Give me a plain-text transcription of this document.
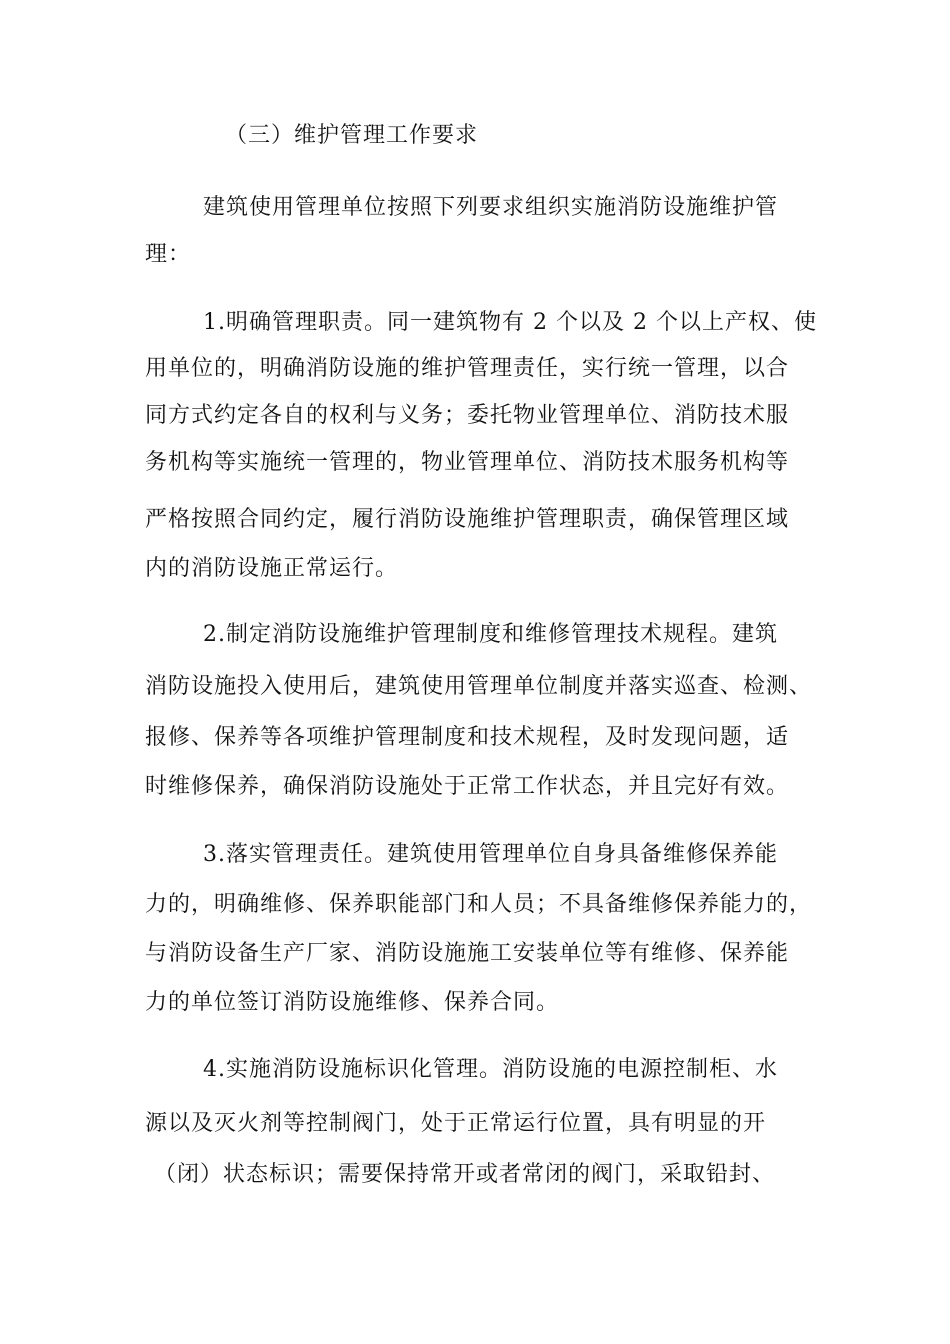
（三）维护管理工作要求
建筑使用管理单位按照下列要求组织实施消防设施维护管
理：
1.明确管理职责。同一建筑物有 2 个以及 2 个以上产权、使
用单位的，明确消防设施的维护管理责任，实行统一管理，以合
同方式约定各自的权利与义务；委托物业管理单位、消防技术服
务机构等实施统一管理的，物业管理单位、消防技术服务机构等
严格按照合同约定，履行消防设施维护管理职责，确保管理区域
内的消防设施正常运行。
2.制定消防设施维护管理制度和维修管理技术规程。建筑
消防设施投入使用后，建筑使用管理单位制度并落实巡查、检测、
报修、保养等各项维护管理制度和技术规程，及时发现问题，适
时维修保养，确保消防设施处于正常工作状态，并且完好有效。
3.落实管理责任。建筑使用管理单位自身具备维修保养能
力的，明确维修、保养职能部门和人员；不具备维修保养能力的，
与消防设备生产厂家、消防设施施工安装单位等有维修、保养能
力的单位签订消防设施维修、保养合同。
4.实施消防设施标识化管理。消防设施的电源控制柜、水
源以及灭火剂等控制阀门，处于正常运行位置，具有明显的开
（闭）状态标识；需要保持常开或者常闭的阀门，采取铅封、
